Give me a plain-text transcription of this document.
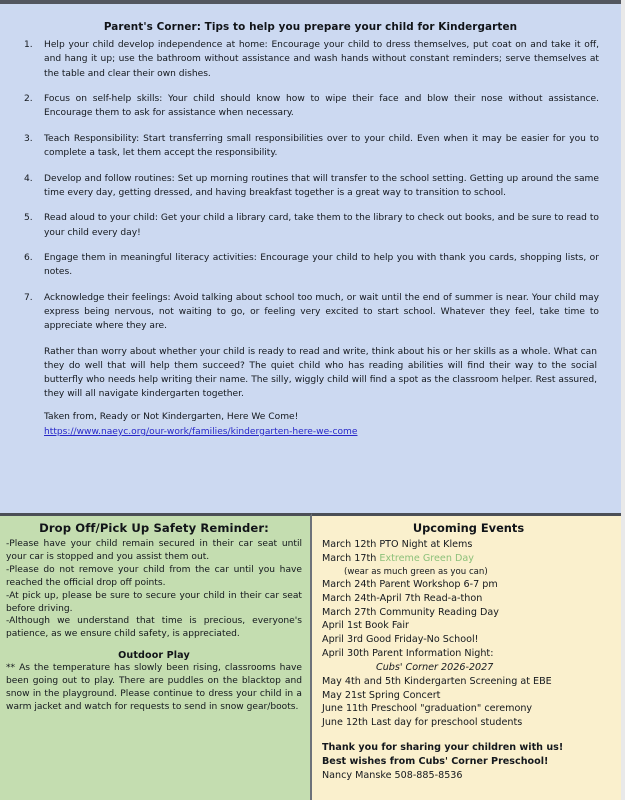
Parent's Corner: Tips to help you prepare your child for Kindergarten
1.	Help your child develop independence at home: Encourage your child to dress themselves, put coat on and take it off, and hang it up; use the bathroom without assistance and wash hands without constant reminders; serve themselves at the table and clear their own dishes.
2.	Focus on self-help skills: Your child should know how to wipe their face and blow their nose without assistance. Encourage them to ask for assistance when necessary.
3.	Teach Responsibility: Start transferring small responsibilities over to your child. Even when it may be easier for you to complete a task, let them accept the responsibility.
4.	Develop and follow routines: Set up morning routines that will transfer to the school setting. Getting up around the same time every day, getting dressed, and having breakfast together is a great way to transition to school.
5.	Read aloud to your child: Get your child a library card, take them to the library to check out books, and be sure to read to your child every day!
6.	Engage them in meaningful literacy activities: Encourage your child to help you with thank you cards, shopping lists, or notes.
7.	Acknowledge their feelings: Avoid talking about school too much, or wait until the end of summer is near. Your child may express being nervous, not waiting to go, or feeling very excited to start school. Whatever they feel, take time to appreciate where they are.

Rather than worry about whether your child is ready to read and write, think about his or her skills as a whole. What can they do well that will help them succeed? The quiet child who has reading abilities will find their way to the social butterfly who needs help writing their name. The silly, wiggly child will find a spot as the classroom helper. Rest assured, they will all navigate kindergarten together.

Taken from, Ready or Not Kindergarten, Here We Come!

https://www.naeyc.org/our-work/families/kindergarten-here-we-come
Drop Off/Pick Up Safety Reminder:

-Please have your child remain secured in their car seat until your car is stopped and you assist them out.

-Please do not remove your child from the car until you have reached the official drop off points.

-At pick up, please be sure to secure your child in their car seat before driving.

-Although we understand that time is precious, everyone's patience, as we ensure child safety, is appreciated.

Outdoor Play

** As the temperature has slowly been rising, classrooms have been going out to play. There are puddles on the blacktop and snow in the playground. Please continue to dress your child in a warm jacket and watch for requests to send in snow gear/boots.

Upcoming Events
March 12th PTO Night at Klems
March 17th Extreme Green Day
(wear as much green as you can)
March 24th Parent Workshop 6-7 pm
March 24th-April 7th Read-a-thon
March 27th Community Reading Day
April 1st Book Fair
April 3rd Good Friday-No School!
April 30th Parent Information Night:
Cubs' Corner 2026-2027
May 4th and 5th Kindergarten Screening at EBE
May 21st Spring Concert
June 11th Preschool "graduation" ceremony
June 12th Last day for preschool students
Thank you for sharing your children with us!
Best wishes from Cubs' Corner Preschool!
Nancy Manske 508-885-8536
